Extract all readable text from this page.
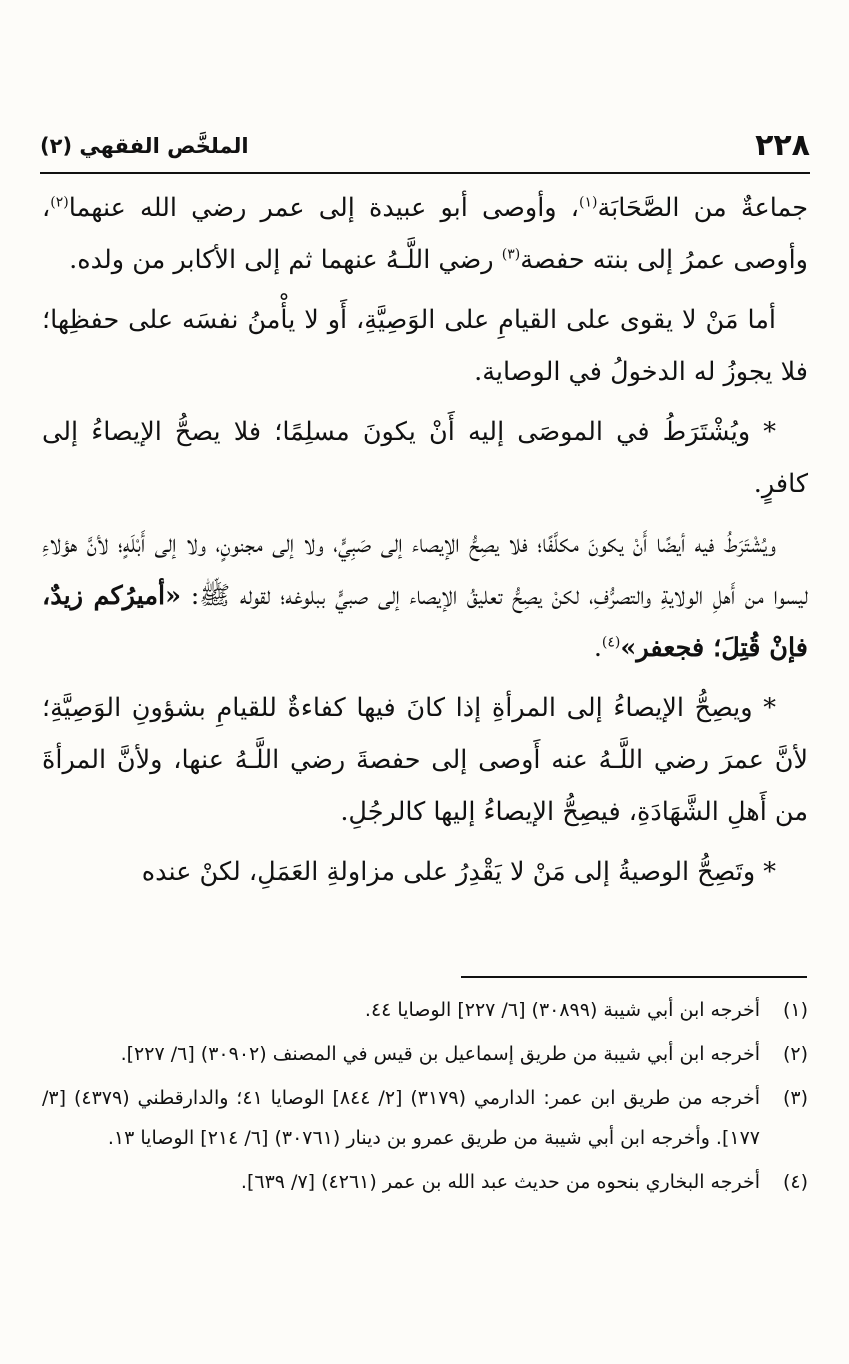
٢٢٨
الملخَّص الفقهي (٢)

جماعةٌ من الصَّحَابَة$^{(١)}$، وأوصى أبو عبيدة إلى عمر رضي الله عنهما$^{(٢)}$، وأوصى عمرُ إلى بنته حفصة$^{(٣)}$ رضي اللَّـهُ عنهما ثم إلى الأكابر من ولده.

أما مَنْ لا يقوى على القيامِ على الوَصِيَّةِ، أَو لا يأْمنُ نفسَه على حفظِها؛ فلا يجوزُ له الدخولُ في الوصاية.

* ويُشْتَرَطُ في الموصَى إليه أَنْ يكونَ مسلِمًا؛ فلا يصحُّ الإيصاءُ إلى كافرٍ.

ويُشْتَرَطُ فيه أيضًا أَنْ يكونَ مكلَّفًا؛ فلا يصِحُّ الإيصاء إلى صَبِيٍّ، ولا إلى مجنونٍ، ولا إلى أَبْلَهٍ؛ لأنَّ هؤلاءِ ليسوا من أَهلِ الولايةِ والتصرُّفِ، لكنْ يصِحُّ تعليقُ الإيصاء إلى صبيٍّ ببلوغه؛ لقوله ﷺ: «أميرُكم زيدٌ، فإنْ قُتِلَ؛ فجعفر»$^{(٤)}$.

* ويصِحُّ الإيصاءُ إلى المرأةِ إذا كانَ فيها كفاءةٌ للقيامِ بشؤونِ الوَصِيَّةِ؛ لأنَّ عمرَ رضي اللَّـهُ عنه أَوصى إلى حفصةَ رضي اللَّـهُ عنها، ولأنَّ المرأةَ من أَهلِ الشَّهَادَةِ، فيصِحُّ الإيصاءُ إليها كالرجُلِ.

* وتَصِحُّ الوصيةُ إلى مَنْ لا يَقْدِرُ على مزاولةِ العَمَلِ، لكنْ عنده

(١)
أخرجه ابن أبي شيبة (٣٠٨٩٩) [٦/ ٢٢٧] الوصايا ٤٤.
(٢)
أخرجه ابن أبي شيبة من طريق إسماعيل بن قيس في المصنف (٣٠٩٠٢) [٦/ ٢٢٧].
(٣)
أخرجه من طريق ابن عمر: الدارمي (٣١٧٩) [٢/ ٨٤٤] الوصايا ٤١؛ والدارقطني (٤٣٧٩) [٣/ ١٧٧]. وأخرجه ابن أبي شيبة من طريق عمرو بن دينار (٣٠٧٦١) [٦/ ٢١٤] الوصايا ١٣.
(٤)
أخرجه البخاري بنحوه من حديث عبد الله بن عمر (٤٢٦١) [٧/ ٦٣٩].
